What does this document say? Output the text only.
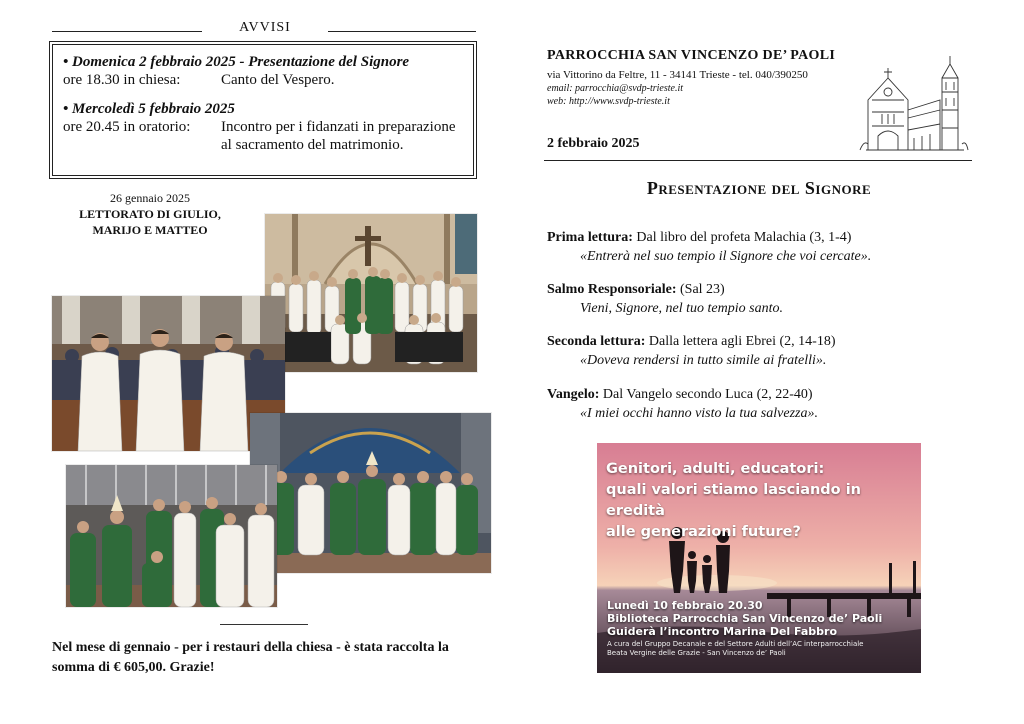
AVVISI
• Domenica 2 febbraio 2025 - Presentazione del Signore
ore 18.30 in chiesa:	Canto del Vespero.
• Mercoledì 5 febbraio 2025
ore 20.45 in oratorio:	Incontro per i fidanzati in preparazione
al sacramento del matrimonio.
26 gennaio 2025
LETTORATO DI GIULIO,
MARIJO E MATTEO
Nel mese di gennaio - per i restauri della chiesa - è stata raccolta la somma di € 605,00. Grazie!
PARROCCHIA SAN VINCENZO DE’ PAOLI
via Vittorino da Feltre, 11 - 34141 Trieste - tel. 040/390250
email: parrocchia@svdp-trieste.it
web: http://www.svdp-trieste.it
2 febbraio 2025
Presentazione del Signore
Prima lettura: Dal libro del profeta Malachia (3, 1-4)
«Entrerà nel suo tempio il Signore che voi cercate».
Salmo Responsoriale: (Sal 23)
Vieni, Signore, nel tuo tempio santo.
Seconda lettura: Dalla lettera agli Ebrei (2, 14-18)
«Doveva rendersi in tutto simile ai fratelli».
Vangelo: Dal Vangelo secondo Luca (2, 22-40)
«I miei occhi hanno visto la tua salvezza».
Genitori, adulti, educatori:
quali valori stiamo lasciando in eredità
alle generazioni future?
Lunedì 10 febbraio 20.30
Biblioteca Parrocchia San Vincenzo de’ Paoli
Guiderà l’incontro Marina Del Fabbro
A cura del Gruppo Decanale e del Settore Adulti dell’AC interparrocchiale
Beata Vergine delle Grazie - San Vincenzo de’ Paoli
